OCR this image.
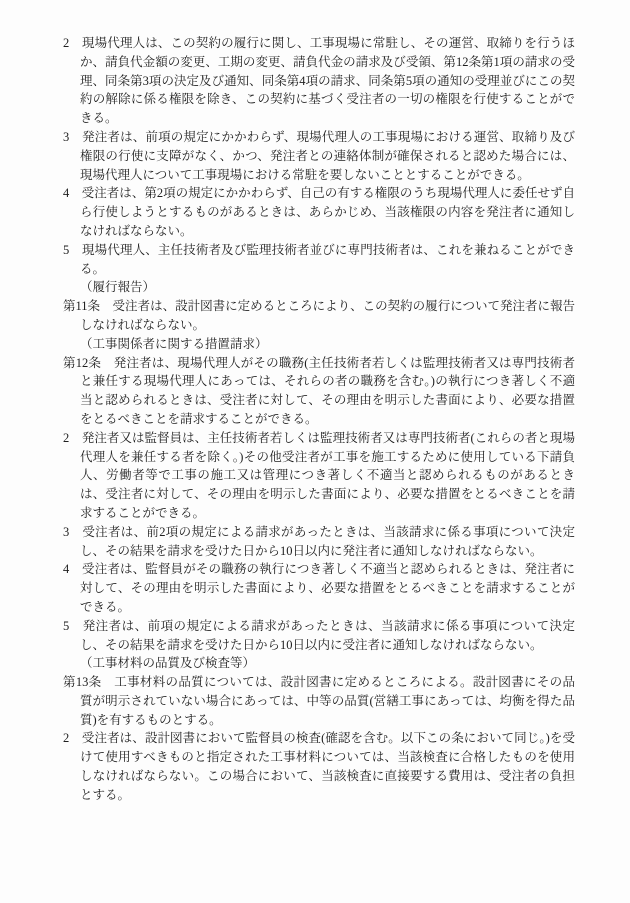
2　現場代理人は、この契約の履行に関し、工事現場に常駐し、その運営、取締りを行うほか、請負代金額の変更、工期の変更、請負代金の請求及び受領、第12条第1項の請求の受理、同条第3項の決定及び通知、同条第4項の請求、同条第5項の通知の受理並びにこの契約の解除に係る権限を除き、この契約に基づく受注者の一切の権限を行使することができる。

3　発注者は、前項の規定にかかわらず、現場代理人の工事現場における運営、取締り及び権限の行使に支障がなく、かつ、発注者との連絡体制が確保されると認めた場合には、現場代理人について工事現場における常駐を要しないこととすることができる。

4　受注者は、第2項の規定にかかわらず、自己の有する権限のうち現場代理人に委任せず自ら行使しようとするものがあるときは、あらかじめ、当該権限の内容を発注者に通知しなければならない。

5　現場代理人、主任技術者及び監理技術者並びに専門技術者は、これを兼ねることができる。

（履行報告）

第11条　受注者は、設計図書に定めるところにより、この契約の履行について発注者に報告しなければならない。

（工事関係者に関する措置請求）

第12条　発注者は、現場代理人がその職務(主任技術者若しくは監理技術者又は専門技術者と兼任する現場代理人にあっては、それらの者の職務を含む。)の執行につき著しく不適当と認められるときは、受注者に対して、その理由を明示した書面により、必要な措置をとるべきことを請求することができる。

2　発注者又は監督員は、主任技術者若しくは監理技術者又は専門技術者(これらの者と現場代理人を兼任する者を除く。)その他受注者が工事を施工するために使用している下請負人、労働者等で工事の施工又は管理につき著しく不適当と認められるものがあるときは、受注者に対して、その理由を明示した書面により、必要な措置をとるべきことを請求することができる。

3　受注者は、前2項の規定による請求があったときは、当該請求に係る事項について決定し、その結果を請求を受けた日から10日以内に発注者に通知しなければならない。

4　受注者は、監督員がその職務の執行につき著しく不適当と認められるときは、発注者に対して、その理由を明示した書面により、必要な措置をとるべきことを請求することができる。

5　発注者は、前項の規定による請求があったときは、当該請求に係る事項について決定し、その結果を請求を受けた日から10日以内に受注者に通知しなければならない。

（工事材料の品質及び検査等）

第13条　工事材料の品質については、設計図書に定めるところによる。設計図書にその品質が明示されていない場合にあっては、中等の品質(営繕工事にあっては、均衡を得た品質)を有するものとする。

2　受注者は、設計図書において監督員の検査(確認を含む。以下この条において同じ。)を受けて使用すべきものと指定された工事材料については、当該検査に合格したものを使用しなければならない。この場合において、当該検査に直接要する費用は、受注者の負担とする。
